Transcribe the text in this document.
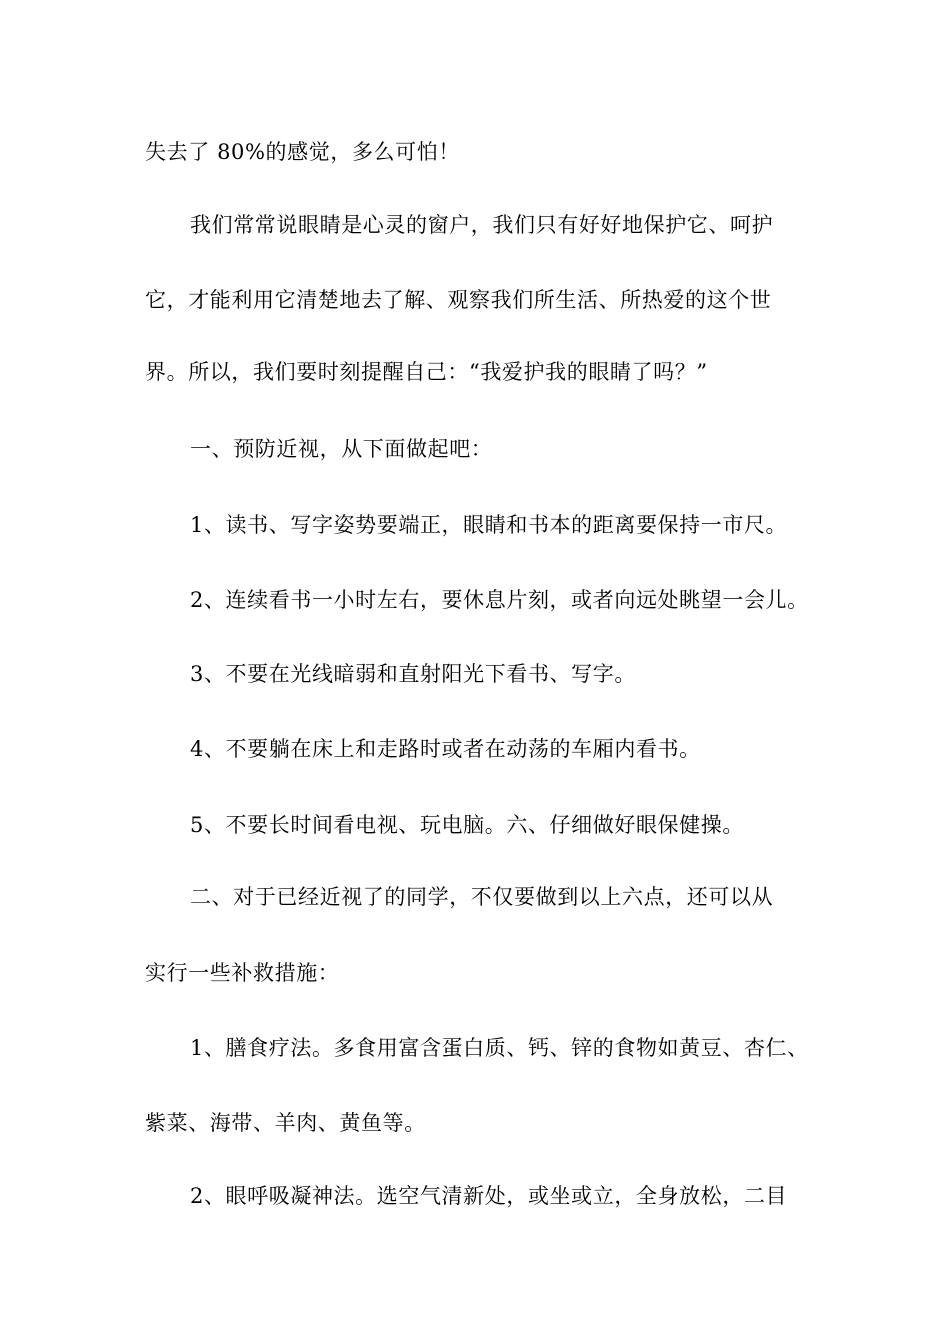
失去了 80%的感觉，多么可怕！
我们常常说眼睛是心灵的窗户，我们只有好好地保护它、呵护
它，才能利用它清楚地去了解、观察我们所生活、所热爱的这个世
界。所以，我们要时刻提醒自己：“我爱护我的眼睛了吗？”
一、预防近视，从下面做起吧：
1、读书、写字姿势要端正，眼睛和书本的距离要保持一市尺。
2、连续看书一小时左右，要休息片刻，或者向远处眺望一会儿。
3、不要在光线暗弱和直射阳光下看书、写字。
4、不要躺在床上和走路时或者在动荡的车厢内看书。
5、不要长时间看电视、玩电脑。六、仔细做好眼保健操。
二、对于已经近视了的同学，不仅要做到以上六点，还可以从
实行一些补救措施：
1、膳食疗法。多食用富含蛋白质、钙、锌的食物如黄豆、杏仁、
紫菜、海带、羊肉、黄鱼等。
2、眼呼吸凝神法。选空气清新处，或坐或立，全身放松，二目
